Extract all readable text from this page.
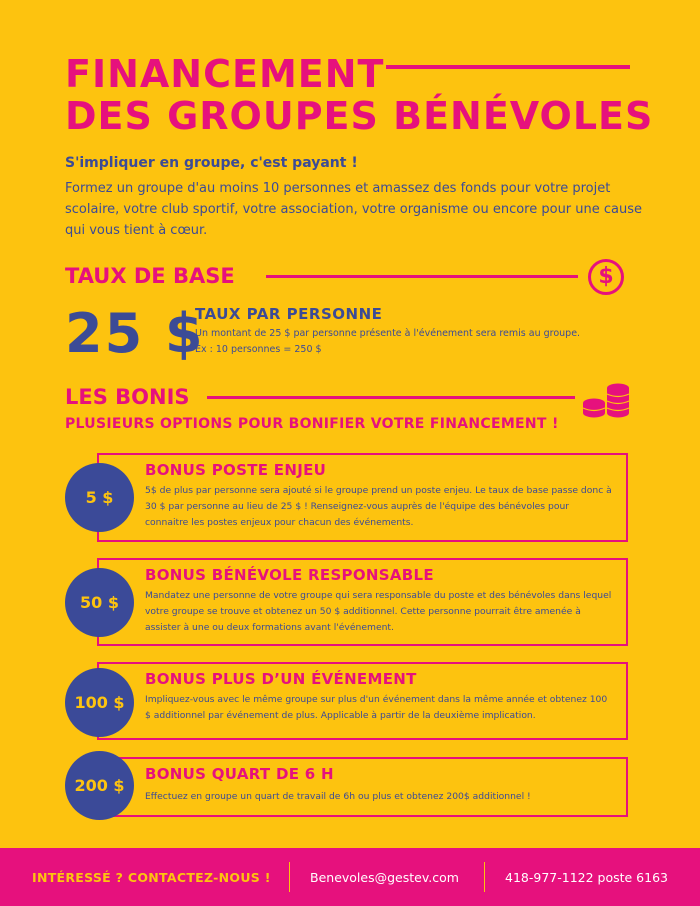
FINANCEMENT
DES GROUPES BÉNÉVOLES
S'impliquer en groupe, c'est payant !
Formez un groupe d'au moins 10 personnes et amassez des fonds pour votre projet scolaire, votre club sportif, votre association, votre organisme ou encore pour une cause qui vous tient à cœur.
TAUX DE BASE	$
25 $
TAUX PAR PERSONNE
Un montant de 25 $ par personne présente à l'événement sera remis au groupe.
Ex : 10 personnes = 250 $
LES BONIS
PLUSIEURS OPTIONS POUR BONIFIER VOTRE FINANCEMENT !
BONUS POSTE ENJEU
5$ de plus par personne sera ajouté si le groupe prend un poste enjeu. Le taux de base passe donc à 30 $ par personne au lieu de 25 $ ! Renseignez-vous auprès de l'équipe des bénévoles pour connaitre les postes enjeux pour chacun des événements.
5 $
BONUS BÉNÉVOLE RESPONSABLE
Mandatez une personne de votre groupe qui sera responsable du poste et des bénévoles dans lequel votre groupe se trouve et obtenez un 50 $ additionnel. Cette personne pourrait être amenée à assister à une ou deux formations avant l'événement.
50 $
BONUS PLUS D’UN ÉVÉNEMENT
Impliquez-vous avec le même groupe sur plus d'un événement dans la même année et obtenez 100 $ additionnel par événement de plus. Applicable à partir de la deuxième implication.
100 $
BONUS QUART DE 6 H
Effectuez en groupe un quart de travail de 6h ou plus et obtenez 200$ additionnel !
200 $
INTÉRESSÉ ? CONTACTEZ-NOUS !	Benevoles@gestev.com	418-977-1122 poste 6163
